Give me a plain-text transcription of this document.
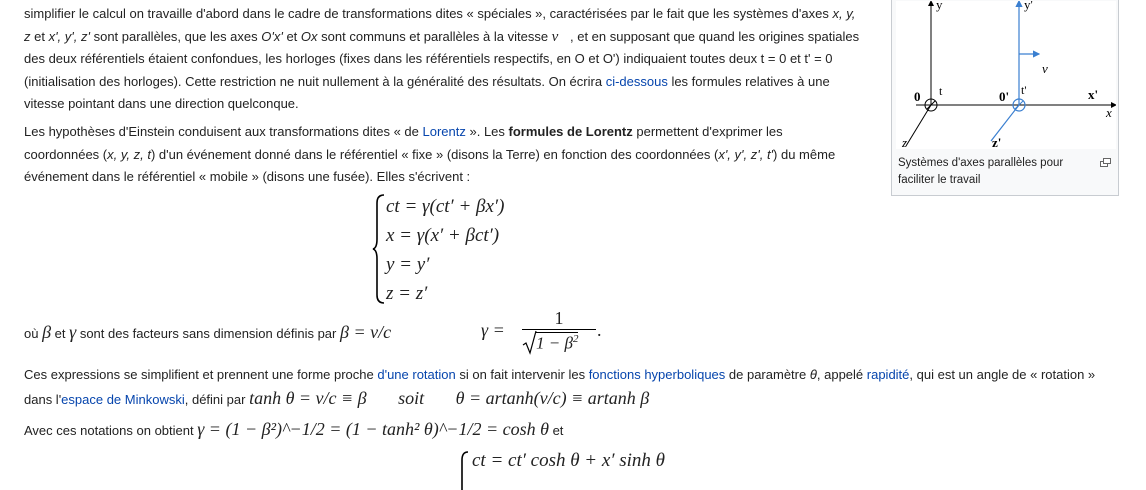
simplifier le calcul on travaille d'abord dans le cadre de transformations dites « spéciales », caractérisées par le fait que les systèmes d'axes x, y, z et x', y', z' sont parallèles, que les axes O'x' et Ox sont communs et parallèles à la vitesse v⃗, et en supposant que quand les origines spatiales des deux référentiels étaient confondues, les horloges (fixes dans les référentiels respectifs, en O et O') indiquaient toutes deux t = 0 et t' = 0 (initialisation des horloges). Cette restriction ne nuit nullement à la généralité des résultats. On écrira ci-dessous les formules relatives à une vitesse pointant dans une direction quelconque.

Les hypothèses d'Einstein conduisent aux transformations dites « de Lorentz ». Les formules de Lorentz permettent d'exprimer les coordonnées (x, y, z, t) d'un événement donné dans le référentiel « fixe » (disons la Terre) en fonction des coordonnées (x', y', z', t') du même événement dans le référentiel « mobile » (disons une fusée). Elles s'écrivent :

ct = γ(ct′ + βx′)
x = γ(x′ + βct′)
y = y′
z = z′
où β et γ sont des facteurs sans dimension définis par β = v/c	γ =
1
$1 - \beta^2$ .

Ces expressions se simplifient et prennent une forme proche d'une rotation si on fait intervenir les fonctions hyperboliques de paramètre θ, appelé rapidité, qui est un angle de « rotation » dans l'espace de Minkowski, défini par tanh θ = v/c ≡ β       soit       θ = artanh(v/c) ≡ artanh β

Avec ces notations on obtient γ = (1 − β²)^−1/2 = (1 − tanh² θ)^−1/2 = cosh θ et

ct = ct′ cosh θ + x′ sinh θ
y	y'
0 t	0' t'
x
x'
z	z'
v
Systèmes d'axes parallèles pour faciliter le travail
